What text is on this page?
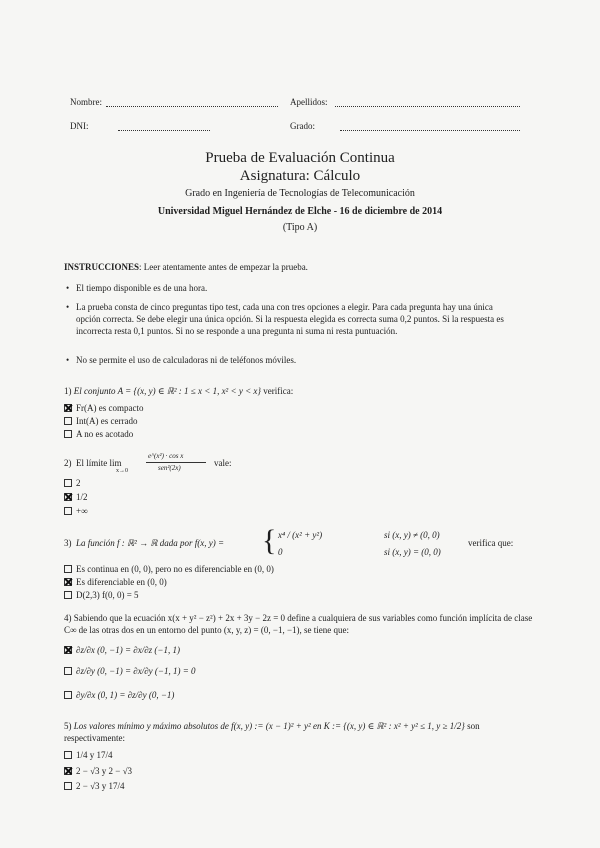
Nombre:	Apellidos:
DNI:	Grado:
Prueba de Evaluación Continua
Asignatura: Cálculo
Grado en Ingeniería de Tecnologías de Telecomunicación
Universidad Miguel Hernández de Elche - 16 de diciembre de 2014
(Tipo A)
INSTRUCCIONES: Leer atentamente antes de empezar la prueba.
• El tiempo disponible es de una hora.
• La prueba consta de cinco preguntas tipo test, cada una con tres opciones a elegir. Para cada pregunta hay una única opción correcta. Se debe elegir una única opción. Si la respuesta elegida es correcta suma 0,2 puntos. Si la respuesta es incorrecta resta 0,1 puntos. Si no se responde a una pregunta ni suma ni resta puntuación.
• No se permite el uso de calculadoras ni de teléfonos móviles.
1) El conjunto A = {(x, y) ∈ ℝ² : 1 ≤ x < 1, x² < y < x} verifica:
Fr(A) es compacto
Int(A) es cerrado
A no es acotado
2) El límite lim
x→0
e^(x²) · cos x
sen²(2x)	vale:
2
1/2
+∞
3) La función f : ℝ² → ℝ dada por f(x, y) = { x⁴ / (x² + y²)	si (x, y) ≠ (0, 0)
0	si (x, y) = (0, 0)
verifica que:
Es continua en (0, 0), pero no es diferenciable en (0, 0)
Es diferenciable en (0, 0)
D(2,3) f(0, 0) = 5
4) Sabiendo que la ecuación x(x + y² − z²) + 2x + 3y − 2z = 0 define a cualquiera de sus variables como función implícita de clase C∞ de las otras dos en un entorno del punto (x, y, z) = (0, −1, −1), se tiene que:
∂z/∂x (0, −1) = ∂x/∂z (−1, 1)
∂z/∂y (0, −1) = ∂x/∂y (−1, 1) = 0
∂y/∂x (0, 1) = ∂z/∂y (0, −1)
5) Los valores mínimo y máximo absolutos de f(x, y) := (x − 1)² + y² en K := {(x, y) ∈ ℝ² : x² + y² ≤ 1, y ≥ 1/2} son respectivamente:
1/4 y 17/4
2 − √3 y 2 − √3
2 − √3 y 17/4
